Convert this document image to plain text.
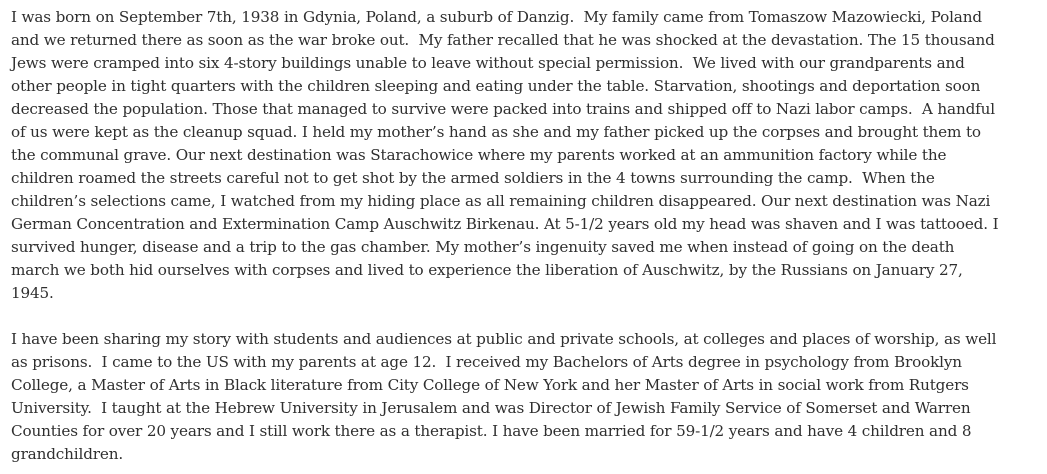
I was born on September 7th, 1938 in Gdynia, Poland, a suburb of Danzig.  My family came from Tomaszow Mazowiecki, Poland
and we returned there as soon as the war broke out.  My father recalled that he was shocked at the devastation. The 15 thousand
Jews were cramped into six 4-story buildings unable to leave without special permission.  We lived with our grandparents and
other people in tight quarters with the children sleeping and eating under the table. Starvation, shootings and deportation soon
decreased the population. Those that managed to survive were packed into trains and shipped off to Nazi labor camps.  A handful
of us were kept as the cleanup squad. I held my mother’s hand as she and my father picked up the corpses and brought them to
the communal grave. Our next destination was Starachowice where my parents worked at an ammunition factory while the
children roamed the streets careful not to get shot by the armed soldiers in the 4 towns surrounding the camp.  When the
children’s selections came, I watched from my hiding place as all remaining children disappeared. Our next destination was Nazi
German Concentration and Extermination Camp Auschwitz Birkenau. At 5-1/2 years old my head was shaven and I was tattooed. I
survived hunger, disease and a trip to the gas chamber. My mother’s ingenuity saved me when instead of going on the death
march we both hid ourselves with corpses and lived to experience the liberation of Auschwitz, by the Russians on January 27,
1945.

I have been sharing my story with students and audiences at public and private schools, at colleges and places of worship, as well
as prisons.  I came to the US with my parents at age 12.  I received my Bachelors of Arts degree in psychology from Brooklyn
College, a Master of Arts in Black literature from City College of New York and her Master of Arts in social work from Rutgers
University.  I taught at the Hebrew University in Jerusalem and was Director of Jewish Family Service of Somerset and Warren
Counties for over 20 years and I still work there as a therapist. I have been married for 59-1/2 years and have 4 children and 8
grandchildren.
